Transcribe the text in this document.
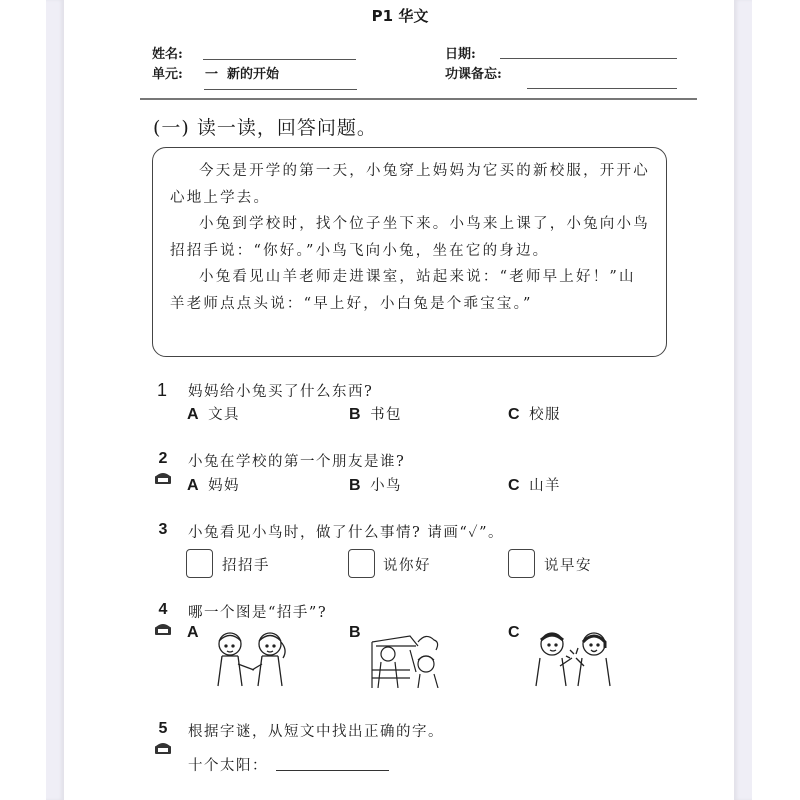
P1 华文
姓名:
单元: 一  新的开始
日期:
功课备忘:
(一) 读一读，回答问题。

今天是开学的第一天，小兔穿上妈妈为它买的新校服，开开心心地上学去。

小兔到学校时，找个位子坐下来。小鸟来上课了，小兔向小鸟招招手说：“你好。”小鸟飞向小兔，坐在它的身边。

小兔看见山羊老师走进课室，站起来说：“老师早上好！”山羊老师点点头说：“早上好，小白兔是个乖宝宝。”

1 妈妈给小兔买了什么东西?
A 文具	B 书包	C 校服
2 小兔在学校的第一个朋友是谁?
A 妈妈	B 小鸟	C 山羊
3 小兔看见小鸟时，做了什么事情? 请画“✓”。
招招手	说你好	说早安
4 哪一个图是“招手”?
A	B	C
5 根据字谜，从短文中找出正确的字。
十个太阳：
